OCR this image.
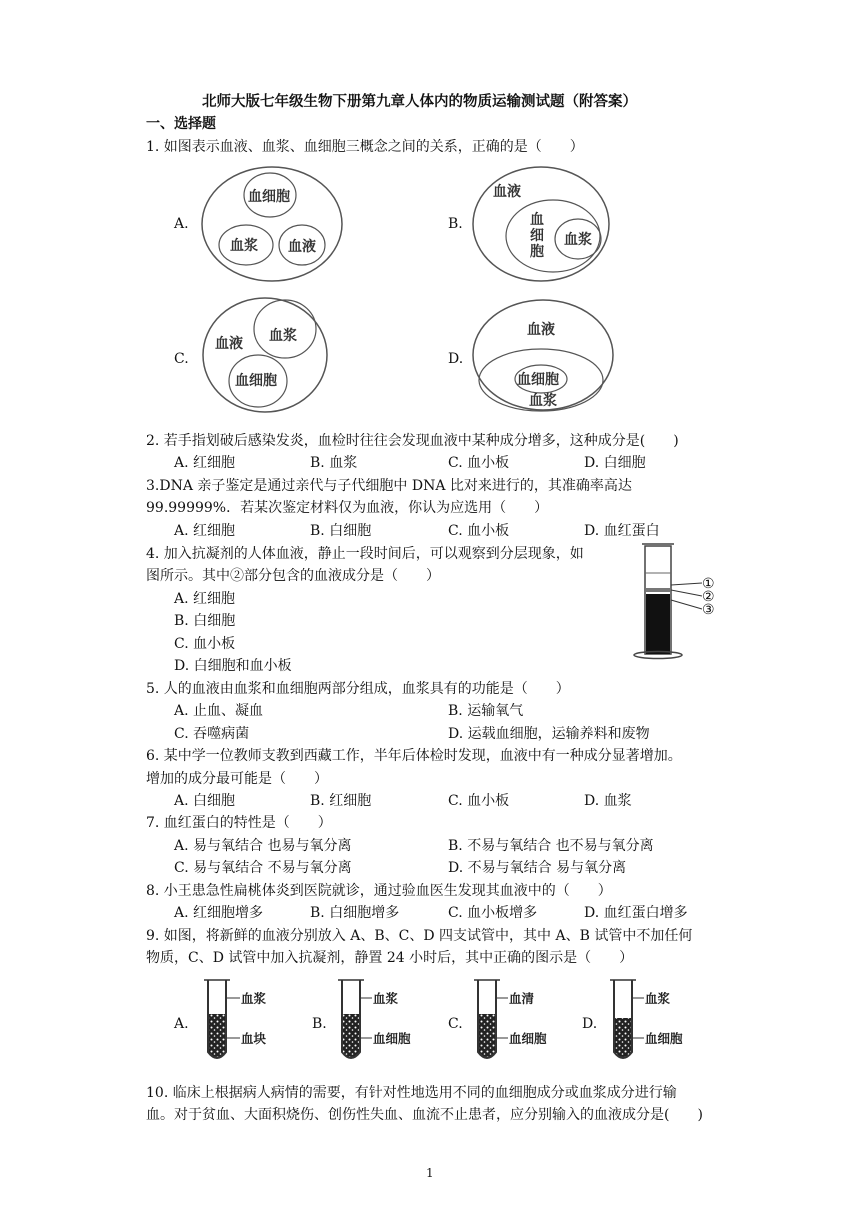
北师大版七年级生物下册第九章人体内的物质运输测试题（附答案）
一、选择题
1. 如图表示血液、血浆、血细胞三概念之间的关系，正确的是（　　）
A.
血细胞
血浆 血液
B.
血液
血
细
胞
血浆
C.
血液 血浆
血细胞
D.
血液
血细胞
血浆
2. 若手指划破后感染发炎，血检时往往会发现血液中某种成分增多，这种成分是(　　)
A. 红细胞	B. 血浆	C. 血小板	D. 白细胞
3.DNA 亲子鉴定是通过亲代与子代细胞中 DNA 比对来进行的，其准确率高达
99.99999%．若某次鉴定材料仅为血液，你认为应选用（　　）
A. 红细胞	B. 白细胞	C. 血小板	D. 血红蛋白
4. 加入抗凝剂的人体血液，静止一段时间后，可以观察到分层现象，如
图所示。其中②部分包含的血液成分是（　　）
A. 红细胞
B. 白细胞
C. 血小板
D. 白细胞和血小板
①
②
③
5. 人的血液由血浆和血细胞两部分组成，血浆具有的功能是（　　）
A. 止血、凝血	B. 运输氧气
C. 吞噬病菌	D. 运载血细胞，运输养料和废物
6. 某中学一位教师支教到西藏工作，半年后体检时发现，血液中有一种成分显著增加。
增加的成分最可能是（　　）
A. 白细胞	B. 红细胞	C. 血小板	D. 血浆
7. 血红蛋白的特性是（　　）
A. 易与氧结合 也易与氧分离	B. 不易与氧结合 也不易与氧分离
C. 易与氧结合 不易与氧分离	D. 不易与氧结合 易与氧分离
8. 小王患急性扁桃体炎到医院就诊，通过验血医生发现其血液中的（　　）
A. 红细胞增多	B. 白细胞增多	C. 血小板增多	D. 血红蛋白增多
9. 如图，将新鲜的血液分别放入 A、B、C、D 四支试管中，其中 A、B 试管中不加任何
物质，C、D 试管中加入抗凝剂，静置 24 小时后，其中正确的图示是（　　）
A.
血浆
血块
B.
血浆
血细胞
C.
血清
血细胞
D.
血浆
血细胞
10. 临床上根据病人病情的需要，有针对性地选用不同的血细胞成分或血浆成分进行输
血。对于贫血、大面积烧伤、创伤性失血、血流不止患者，应分别输入的血液成分是(　　)
1
